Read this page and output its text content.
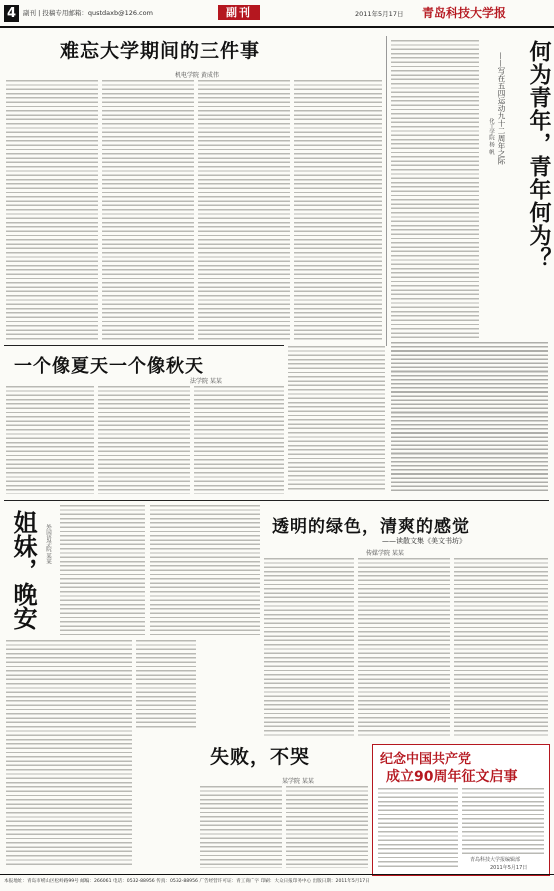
4	副刊 | 投稿专用邮箱：qustdaxb@126.com	副刊	2011年5月17日 青岛科技大学报
难忘大学期间的三件事
机电学院 黄成伟	何为青年，青年何为？
——写在五四运动九十二周年之际
化工学院 杨 帆
一个像夏天一个像秋天
法学院 某某
姐妹，晚安 外国语学院 某某	透明的绿色，清爽的感觉
——读散文集《美文书坊》
传媒学院 某某
失败，不哭
某学院 某某
纪念中国共产党
成立90周年征文启事
青岛科技大学报编辑部
2011年5月17日
本报地址：青岛市崂山区松岭路99号 邮编：266061 电话：0532-88956 传真：0532-88956 广告经营许可证：青工商广字 印刷：大众日报印务中心 出版日期：2011年5月17日
